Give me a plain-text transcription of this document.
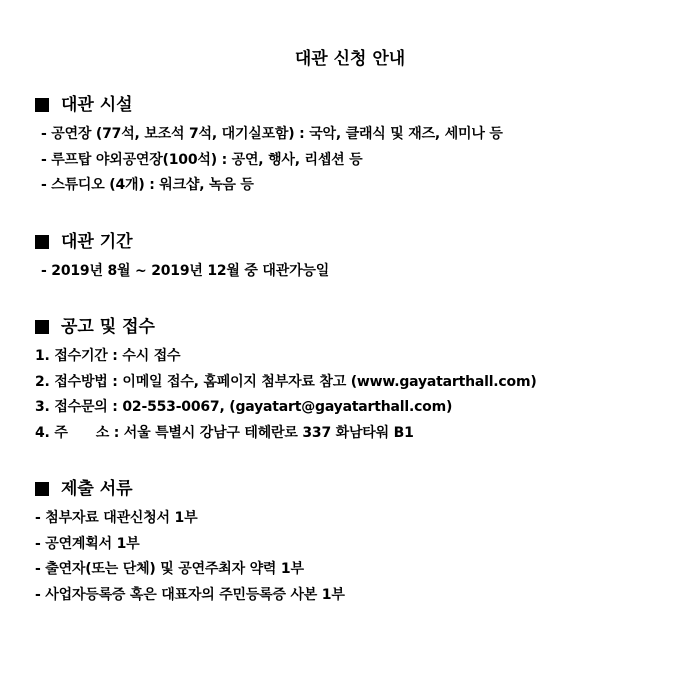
대관 신청 안내
대관 시설
- 공연장 (77석, 보조석 7석, 대기실포함) : 국악, 클래식 및 재즈, 세미나 등
- 루프탑 야외공연장(100석) : 공연, 행사, 리셉션 등
- 스튜디오 (4개) : 워크샵, 녹음 등
대관 기간
- 2019년 8월 ~ 2019년 12월 중 대관가능일
공고 및 접수
1. 접수기간 : 수시 접수
2. 접수방법 : 이메일 접수, 홈페이지 첨부자료 참고 (www.gayatarthall.com)
3. 접수문의 : 02-553-0067, (gayatart@gayatarthall.com)
4. 주      소 : 서울 특별시 강남구 테헤란로 337 화남타워 B1
제출 서류
- 첨부자료 대관신청서 1부
- 공연계획서 1부
- 출연자(또는 단체) 및 공연주최자 약력 1부
- 사업자등록증 혹은 대표자의 주민등록증 사본 1부
